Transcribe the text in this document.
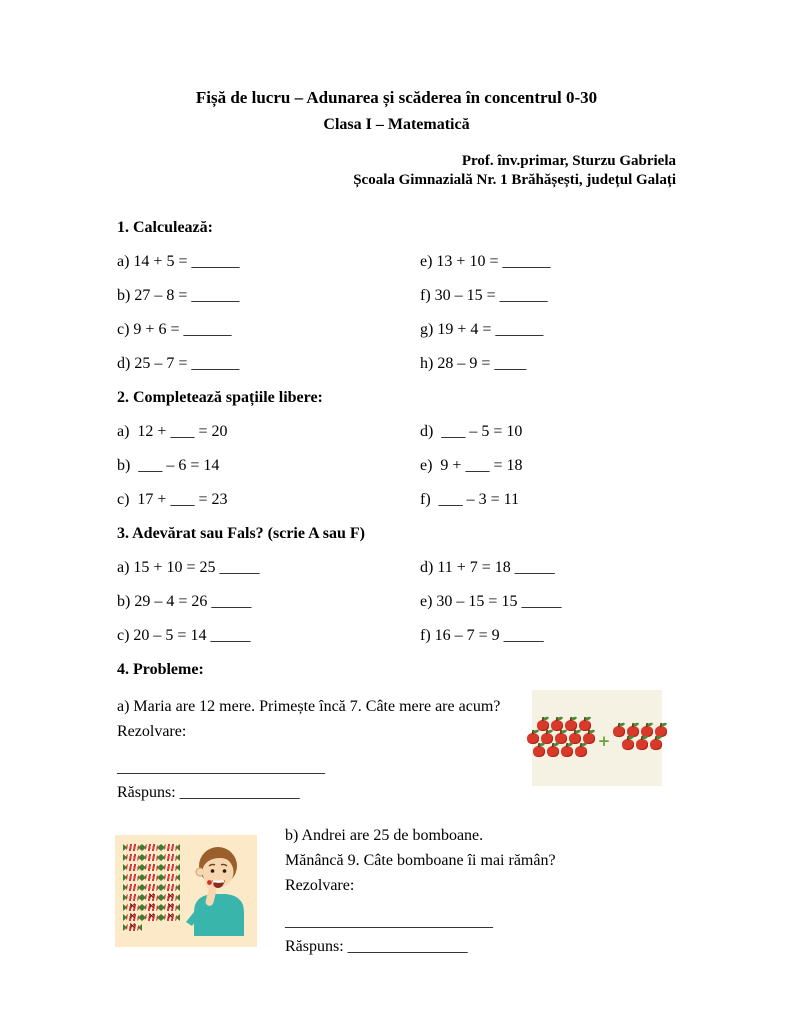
Fișă de lucru – Adunarea și scăderea în concentrul 0-30
Clasa I – Matematică
Prof. înv.primar, Sturzu Gabriela
Școala Gimnazială Nr. 1 Brăhășești, județul Galați
1. Calculează:
a) 14 + 5 = ______	e) 13 + 10 = ______
b) 27 – 8 = ______	f) 30 – 15 = ______
c) 9 + 6 = ______	g) 19 + 4 = ______
d) 25 – 7 = ______	h) 28 – 9 = ____
2. Completează spațiile libere:
a)  12 + ___ = 20	d)  ___ – 5 = 10
b)  ___ – 6 = 14	e)  9 + ___ = 18
c)  17 + ___ = 23	f)  ___ – 3 = 11
3. Adevărat sau Fals? (scrie A sau F)
a) 15 + 10 = 25 _____	d) 11 + 7 = 18 _____
b) 29 – 4 = 26 _____	e) 30 – 15 = 15 _____
c) 20 – 5 = 14 _____	f) 16 – 7 = 9 _____
4. Probleme:
a) Maria are 12 mere. Primește încă 7. Câte mere are acum?
Rezolvare:
__________________________
Răspuns: _______________
+
✕	✕
✕	✕	✕
✕	✕	✕
✕
b) Andrei are 25 de bomboane.
Mănâncă 9. Câte bomboane îi mai rămân?
Rezolvare:
__________________________
Răspuns: _______________
